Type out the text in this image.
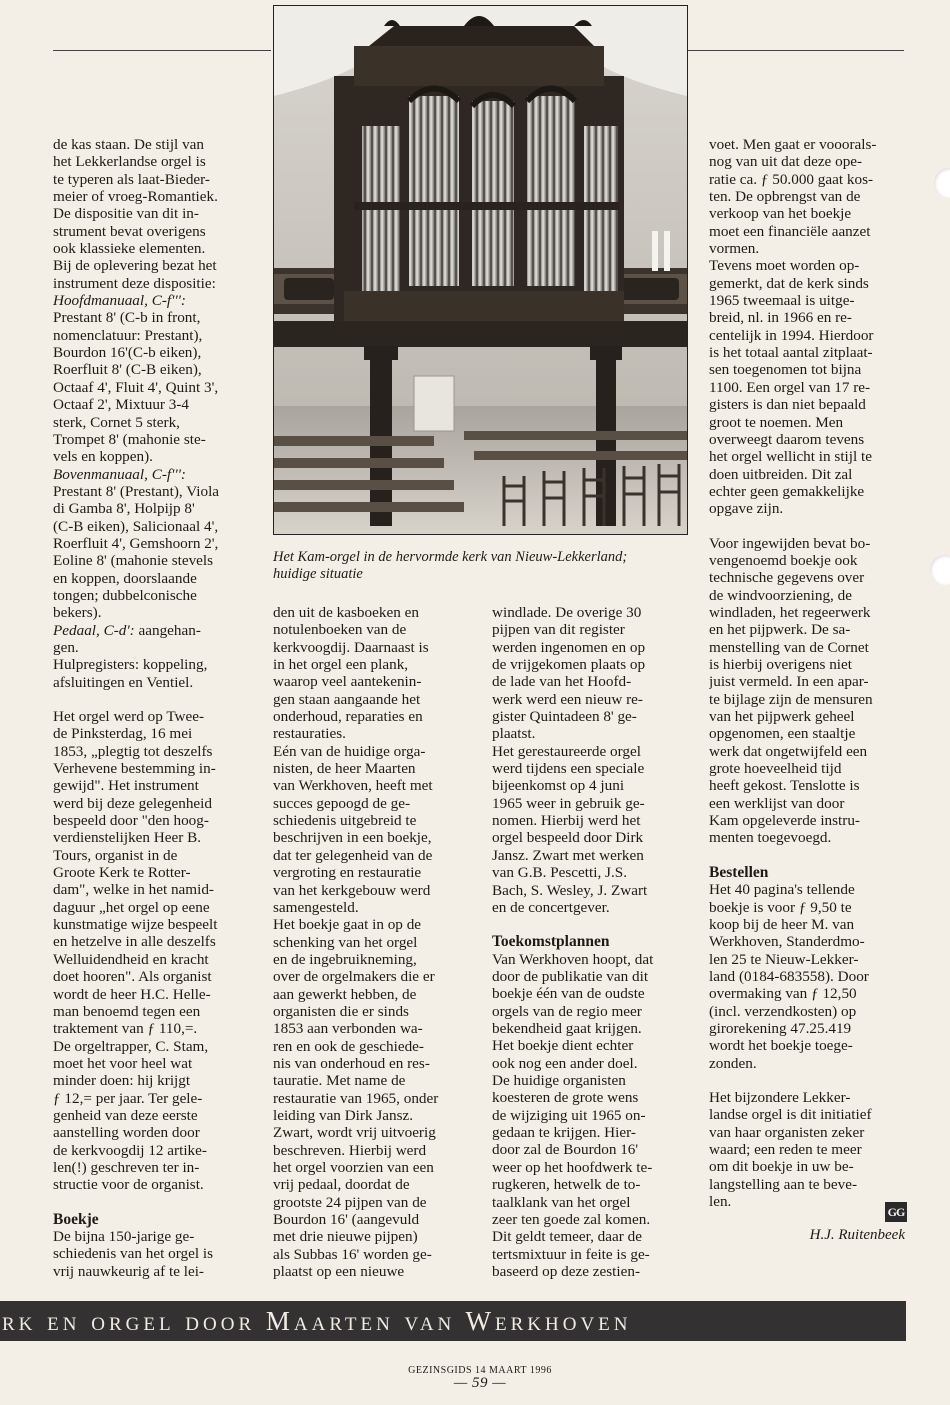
Het Kam-orgel in de hervormde kerk van Nieuw-Lekkerland;
huidige situatie

de kas staan. De stijl van

het Lekkerlandse orgel is

te typeren als laat-Bieder-

meier of vroeg-Romantiek.

De dispositie van dit in-

strument bevat overigens

ook klassieke elementen.

Bij de oplevering bezat het

instrument deze dispositie:

Hoofdmanuaal, C-f''':

Prestant 8' (C-b in front,

nomenclatuur: Prestant),

Bourdon 16'(C-b eiken),

Roerfluit 8' (C-B eiken),

Octaaf 4', Fluit 4', Quint 3',

Octaaf 2', Mixtuur 3-4

sterk, Cornet 5 sterk,

Trompet 8' (mahonie ste-

vels en koppen).

Bovenmanuaal, C-f''':

Prestant 8' (Prestant), Viola

di Gamba 8', Holpijp 8'

(C-B eiken), Salicionaal 4',

Roerfluit 4', Gemshoorn 2',

Eoline 8' (mahonie stevels

en koppen, doorslaande

tongen; dubbelconische

bekers).

Pedaal, C-d': aangehan-

gen.

Hulpregisters: koppeling,

afsluitingen en Ventiel.

Het orgel werd op Twee-

de Pinksterdag, 16 mei

1853, „plegtig tot deszelfs

Verhevene bestemming in-

gewijd". Het instrument

werd bij deze gelegenheid

bespeeld door "den hoog-

verdienstelijken Heer B.

Tours, organist in de

Groote Kerk te Rotter-

dam", welke in het namid-

daguur „het orgel op eene

kunstmatige wijze bespeelt

en hetzelve in alle deszelfs

Welluidendheid en kracht

doet hooren". Als organist

wordt de heer H.C. Helle-

man benoemd tegen een

traktement van ƒ 110,=.

De orgeltrapper, C. Stam,

moet het voor heel wat

minder doen: hij krijgt

ƒ 12,= per jaar. Ter gele-

genheid van deze eerste

aanstelling worden door

de kerkvoogdij 12 artike-

len(!) geschreven ter in-

structie voor de organist.

Boekje

De bijna 150-jarige ge-

schiedenis van het orgel is

vrij nauwkeurig af te lei-

den uit de kasboeken en

notulenboeken van de

kerkvoogdij. Daarnaast is

in het orgel een plank,

waarop veel aantekenin-

gen staan aangaande het

onderhoud, reparaties en

restauraties.

Eén van de huidige orga-

nisten, de heer Maarten

van Werkhoven, heeft met

succes gepoogd de ge-

schiedenis uitgebreid te

beschrijven in een boekje,

dat ter gelegenheid van de

vergroting en restauratie

van het kerkgebouw werd

samengesteld.

Het boekje gaat in op de

schenking van het orgel

en de ingebruikneming,

over de orgelmakers die er

aan gewerkt hebben, de

organisten die er sinds

1853 aan verbonden wa-

ren en ook de geschiede-

nis van onderhoud en res-

tauratie. Met name de

restauratie van 1965, onder

leiding van Dirk Jansz.

Zwart, wordt vrij uitvoerig

beschreven. Hierbij werd

het orgel voorzien van een

vrij pedaal, doordat de

grootste 24 pijpen van de

Bourdon 16' (aangevuld

met drie nieuwe pijpen)

als Subbas 16' worden ge-

plaatst op een nieuwe

windlade. De overige 30

pijpen van dit register

werden ingenomen en op

de vrijgekomen plaats op

de lade van het Hoofd-

werk werd een nieuw re-

gister Quintadeen 8' ge-

plaatst.

Het gerestaureerde orgel

werd tijdens een speciale

bijeenkomst op 4 juni

1965 weer in gebruik ge-

nomen. Hierbij werd het

orgel bespeeld door Dirk

Jansz. Zwart met werken

van G.B. Pescetti, J.S.

Bach, S. Wesley, J. Zwart

en de concertgever.

Toekomstplannen

Van Werkhoven hoopt, dat

door de publikatie van dit

boekje één van de oudste

orgels van de regio meer

bekendheid gaat krijgen.

Het boekje dient echter

ook nog een ander doel.

De huidige organisten

koesteren de grote wens

de wijziging uit 1965 on-

gedaan te krijgen. Hier-

door zal de Bourdon 16'

weer op het hoofdwerk te-

rugkeren, hetwelk de to-

taalklank van het orgel

zeer ten goede zal komen.

Dit geldt temeer, daar de

tertsmixtuur in feite is ge-

baseerd op deze zestien-

voet. Men gaat er vooorals-

nog van uit dat deze ope-

ratie ca. ƒ 50.000 gaat kos-

ten. De opbrengst van de

verkoop van het boekje

moet een financiële aanzet

vormen.

Tevens moet worden op-

gemerkt, dat de kerk sinds

1965 tweemaal is uitge-

breid, nl. in 1966 en re-

centelijk in 1994. Hierdoor

is het totaal aantal zitplaat-

sen toegenomen tot bijna

1100. Een orgel van 17 re-

gisters is dan niet bepaald

groot te noemen. Men

overweegt daarom tevens

het orgel wellicht in stijl te

doen uitbreiden. Dit zal

echter geen gemakkelijke

opgave zijn.

Voor ingewijden bevat bo-

vengenoemd boekje ook

technische gegevens over

de windvoorziening, de

windladen, het regeerwerk

en het pijpwerk. De sa-

menstelling van de Cornet

is hierbij overigens niet

juist vermeld. In een apar-

te bijlage zijn de mensuren

van het pijpwerk geheel

opgenomen, een staaltje

werk dat ongetwijfeld een

grote hoeveelheid tijd

heeft gekost. Tenslotte is

een werklijst van door

Kam opgeleverde instru-

menten toegevoegd.

Bestellen

Het 40 pagina's tellende

boekje is voor ƒ 9,50 te

koop bij de heer M. van

Werkhoven, Standerdmo-

len 25 te Nieuw-Lekker-

land (0184-683558). Door

overmaking van ƒ 12,50

(incl. verzendkosten) op

girorekening 47.25.419

wordt het boekje toege-

zonden.

Het bijzondere Lekker-

landse orgel is dit initiatief

van haar organisten zeker

waard; een reden te meer

om dit boekje in uw be-

langstelling aan te beve-

len.

GG
H.J. Ruitenbeek
rk en orgel door Maarten van Werkhoven
GEZINSGIDS 14 MAART 1996
— 59 —
